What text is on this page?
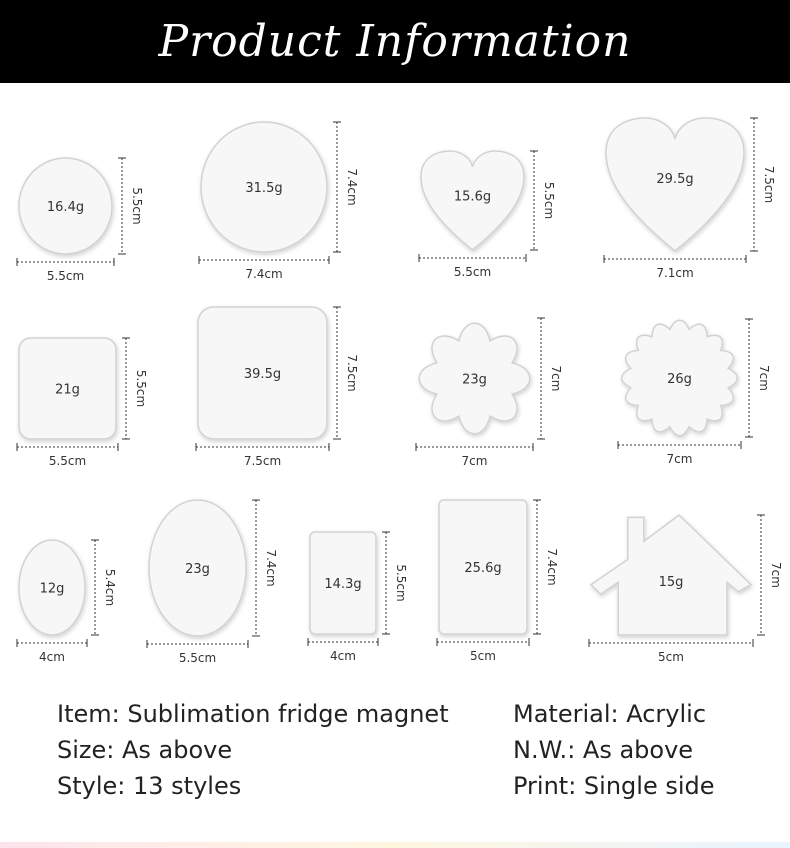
Product Information
16.4g
5.5cm
5.5cm	31.5g
7.4cm
7.4cm	15.6g
5.5cm
5.5cm
29.5g
7.1cm
7.5cm
21g
5.5cm
5.5cm	39.5g
7.5cm
7.5cm	23g
7cm
7cm	26g
7cm
7cm
12g
4cm
5.4cm	23g
5.5cm
7.4cm	14.3g
4cm
5.5cm	25.6g
5cm
7.4cm	15g
5cm
7cm
Item: Sublimation fridge magnet
Size: As above
Style: 13 styles
Material: Acrylic
N.W.: As above
Print: Single side
